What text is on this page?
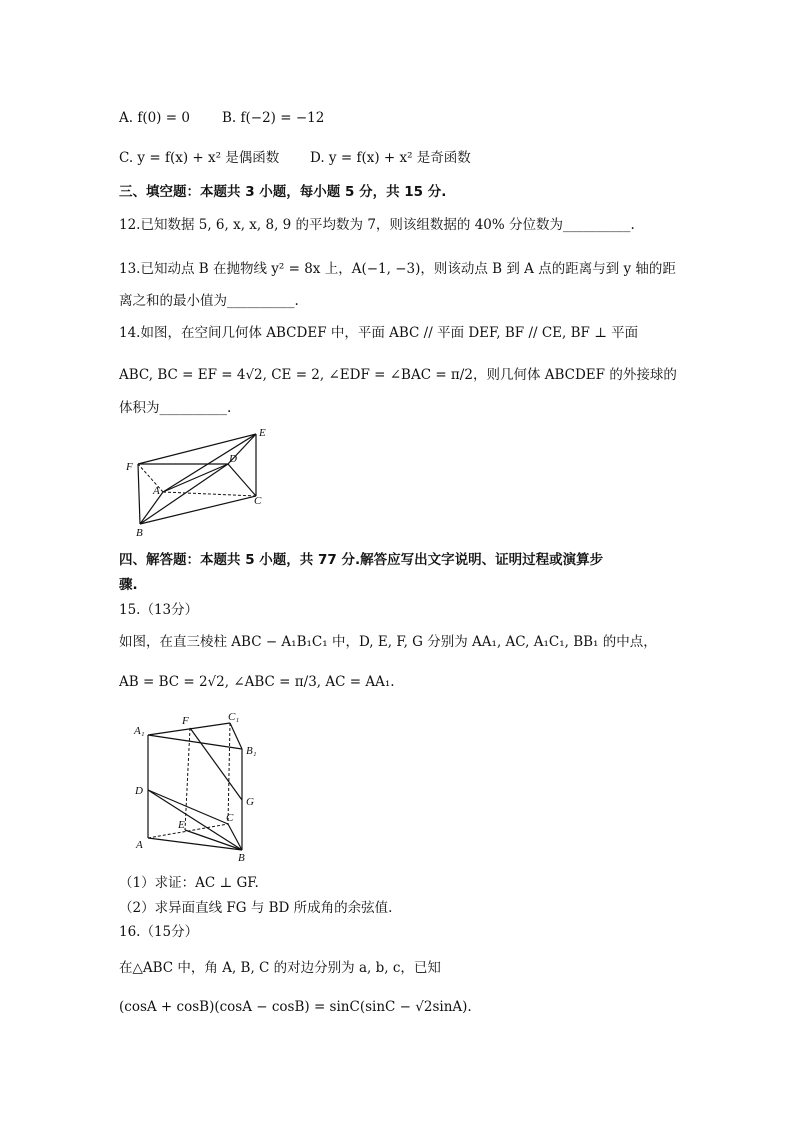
A. f(0) = 0 B. f(−2) = −12
C. y = f(x) + x² 是偶函数 D. y = f(x) + x² 是奇函数
三、填空题：本题共 3 小题，每小题 5 分，共 15 分.
12.已知数据 5, 6, x, x, 8, 9 的平均数为 7，则该组数据的 40% 分位数为__________.
13.已知动点 B 在抛物线 y² = 8x 上，A(−1, −3)，则该动点 B 到 A 点的距离与到 y 轴的距
离之和的最小值为__________.
14.如图，在空间几何体 ABCDEF 中，平面 ABC // 平面 DEF, BF // CE, BF ⊥ 平面
ABC, BC = EF = 4√2, CE = 2, ∠EDF = ∠BAC = π/2，则几何体 ABCDEF 的外接球的
体积为__________.
E
F
D
A
C
B
四、解答题：本题共 5 小题，共 77 分.解答应写出文字说明、证明过程或演算步
骤.
15.（13分）
如图，在直三棱柱 ABC − A₁B₁C₁ 中，D, E, F, G 分别为 AA₁, AC, A₁C₁, BB₁ 的中点，
AB = BC = 2√2, ∠ABC = π/3, AC = AA₁.
A₁
F	C₁
B₁
D
G
E
C
A
B
（1）求证：AC ⊥ GF.
（2）求异面直线 FG 与 BD 所成角的余弦值.
16.（15分）
在△ABC 中，角 A, B, C 的对边分别为 a, b, c，已知
(cosA + cosB)(cosA − cosB) = sinC(sinC − √2sinA).
